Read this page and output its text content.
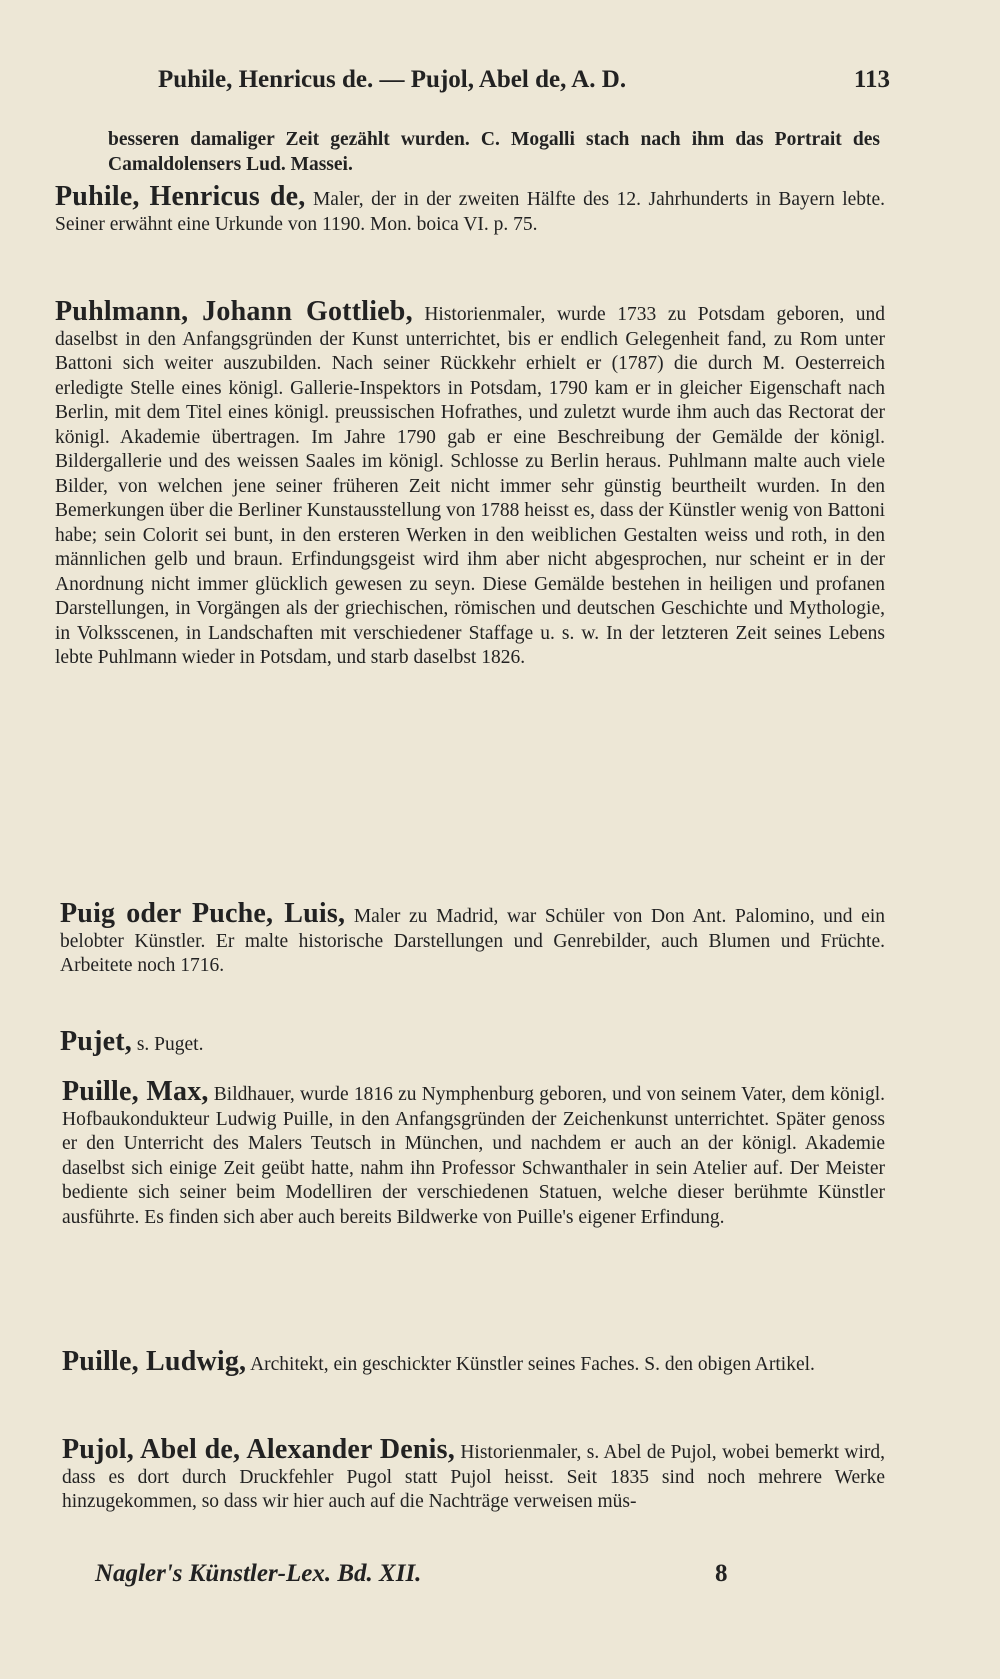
Puhile, Henricus de. — Pujol, Abel de, A. D.	113
besseren damaliger Zeit gezählt wurden. C. Mogalli stach nach ihm das Portrait des Camaldolensers Lud. Massei.
Puhile, Henricus de, Maler, der in der zweiten Hälfte des 12. Jahrhunderts in Bayern lebte. Seiner erwähnt eine Urkunde von 1190. Mon. boica VI. p. 75.
Puhlmann, Johann Gottlieb, Historienmaler, wurde 1733 zu Potsdam geboren, und daselbst in den Anfangsgründen der Kunst unterrichtet, bis er endlich Gelegenheit fand, zu Rom unter Battoni sich weiter auszubilden. Nach seiner Rückkehr erhielt er (1787) die durch M. Oesterreich erledigte Stelle eines königl. Gallerie-Inspektors in Potsdam, 1790 kam er in gleicher Eigenschaft nach Berlin, mit dem Titel eines königl. preussischen Hofrathes, und zuletzt wurde ihm auch das Rectorat der königl. Akademie übertragen. Im Jahre 1790 gab er eine Beschreibung der Gemälde der königl. Bildergallerie und des weissen Saales im königl. Schlosse zu Berlin heraus. Puhlmann malte auch viele Bilder, von welchen jene seiner früheren Zeit nicht immer sehr günstig beurtheilt wurden. In den Bemerkungen über die Berliner Kunstausstellung von 1788 heisst es, dass der Künstler wenig von Battoni habe; sein Colorit sei bunt, in den ersteren Werken in den weiblichen Gestalten weiss und roth, in den männlichen gelb und braun. Erfindungsgeist wird ihm aber nicht abgesprochen, nur scheint er in der Anordnung nicht immer glücklich gewesen zu seyn. Diese Gemälde bestehen in heiligen und profanen Darstellungen, in Vorgängen als der griechischen, römischen und deutschen Geschichte und Mythologie, in Volksscenen, in Landschaften mit verschiedener Staffage u. s. w. In der letzteren Zeit seines Lebens lebte Puhlmann wieder in Potsdam, und starb daselbst 1826.
Puig oder Puche, Luis, Maler zu Madrid, war Schüler von Don Ant. Palomino, und ein belobter Künstler. Er malte historische Darstellungen und Genrebilder, auch Blumen und Früchte. Arbeitete noch 1716.
Pujet, s. Puget.
Puille, Max, Bildhauer, wurde 1816 zu Nymphenburg geboren, und von seinem Vater, dem königl. Hofbaukondukteur Ludwig Puille, in den Anfangsgründen der Zeichenkunst unterrichtet. Später genoss er den Unterricht des Malers Teutsch in München, und nachdem er auch an der königl. Akademie daselbst sich einige Zeit geübt hatte, nahm ihn Professor Schwanthaler in sein Atelier auf. Der Meister bediente sich seiner beim Modelliren der verschiedenen Statuen, welche dieser berühmte Künstler ausführte. Es finden sich aber auch bereits Bildwerke von Puille's eigener Erfindung.
Puille, Ludwig, Architekt, ein geschickter Künstler seines Faches. S. den obigen Artikel.
Pujol, Abel de, Alexander Denis, Historienmaler, s. Abel de Pujol, wobei bemerkt wird, dass es dort durch Druckfehler Pugol statt Pujol heisst. Seit 1835 sind noch mehrere Werke hinzugekommen, so dass wir hier auch auf die Nachträge verweisen müs-
Nagler's Künstler-Lex. Bd. XII.	8
